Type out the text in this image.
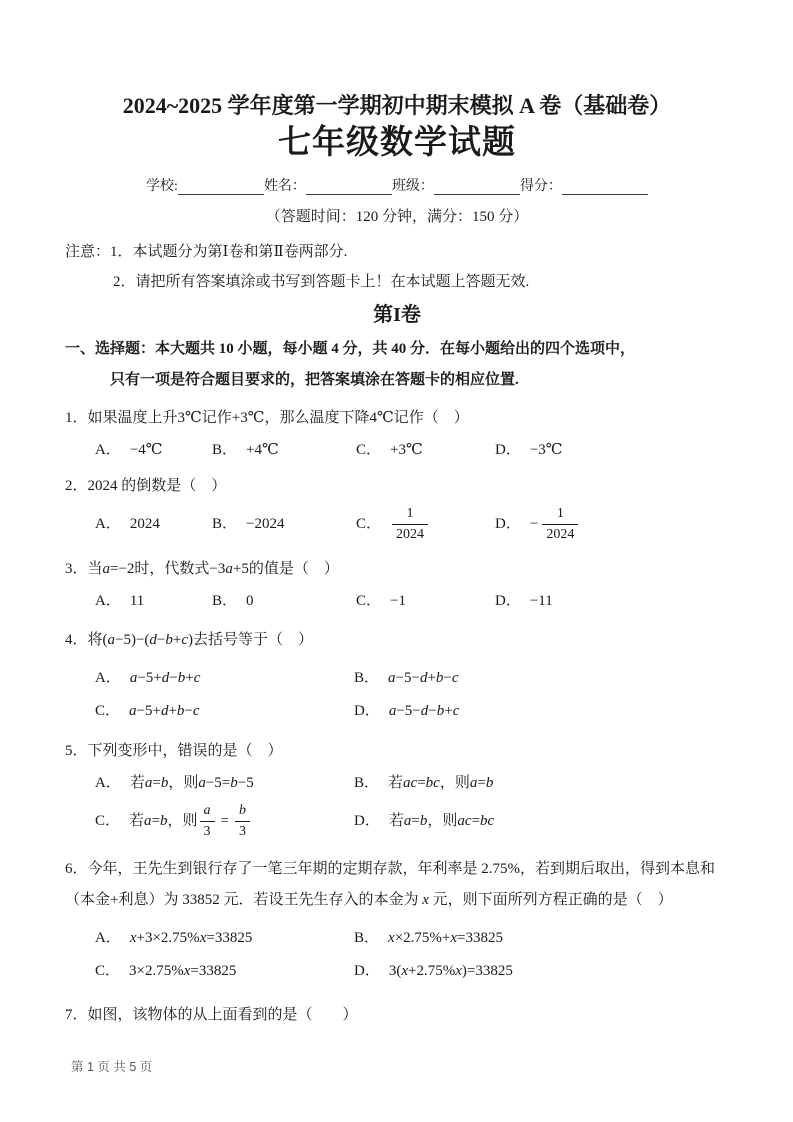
2024~2025 学年度第一学期初中期末模拟 A 卷（基础卷）
七年级数学试题
学校:	姓名：	班级：	得分：
（答题时间：120 分钟，满分：150 分）
注意：1．本试题分为第Ⅰ卷和第Ⅱ卷两部分.
2．请把所有答案填涂或书写到答题卡上！在本试题上答题无效.
第I卷
一、选择题：本大题共 10 小题，每小题 4 分，共 40 分．在每小题给出的四个选项中，
只有一项是符合题目要求的，把答案填涂在答题卡的相应位置.
1．如果温度上升3℃记作+3℃，那么温度下降4℃记作（　）
A． −4℃	B． +4℃	C． +3℃	D． −3℃
2．2024 的倒数是（　）
A． 2024	B． −2024	C． $\frac{1}{2024}$	D． − $\frac{1}{2024}$
3．当a=−2时，代数式−3a+5的值是（　）
A． 11	B． 0	C． −1	D． −11
4．将(a−5)−(d−b+c)去括号等于（　）
A． a−5+d−b+c	B． a−5−d+b−c
C． a−5+d+b−c	D． a−5−d−b+c
5．下列变形中，错误的是（　）
A． 若a=b，则a−5=b−5	B． 若ac=bc，则a=b
C． 若a=b，则 $\frac{a}{3} = \frac{b}{3}$	D． 若a=b，则ac=bc
6．今年，王先生到银行存了一笔三年期的定期存款，年利率是 2.75%，若到期后取出，得到本息和（本金+利息）为 33852 元．若设王先生存入的本金为 x 元，则下面所列方程正确的是（　）
A． x+3×2.75%x=33825	B． x×2.75%+x=33825
C． 3×2.75%x=33825	D． 3(x+2.75%x)=33825
7．如图，该物体的从上面看到的是（　　）
第 1 页 共 5 页
